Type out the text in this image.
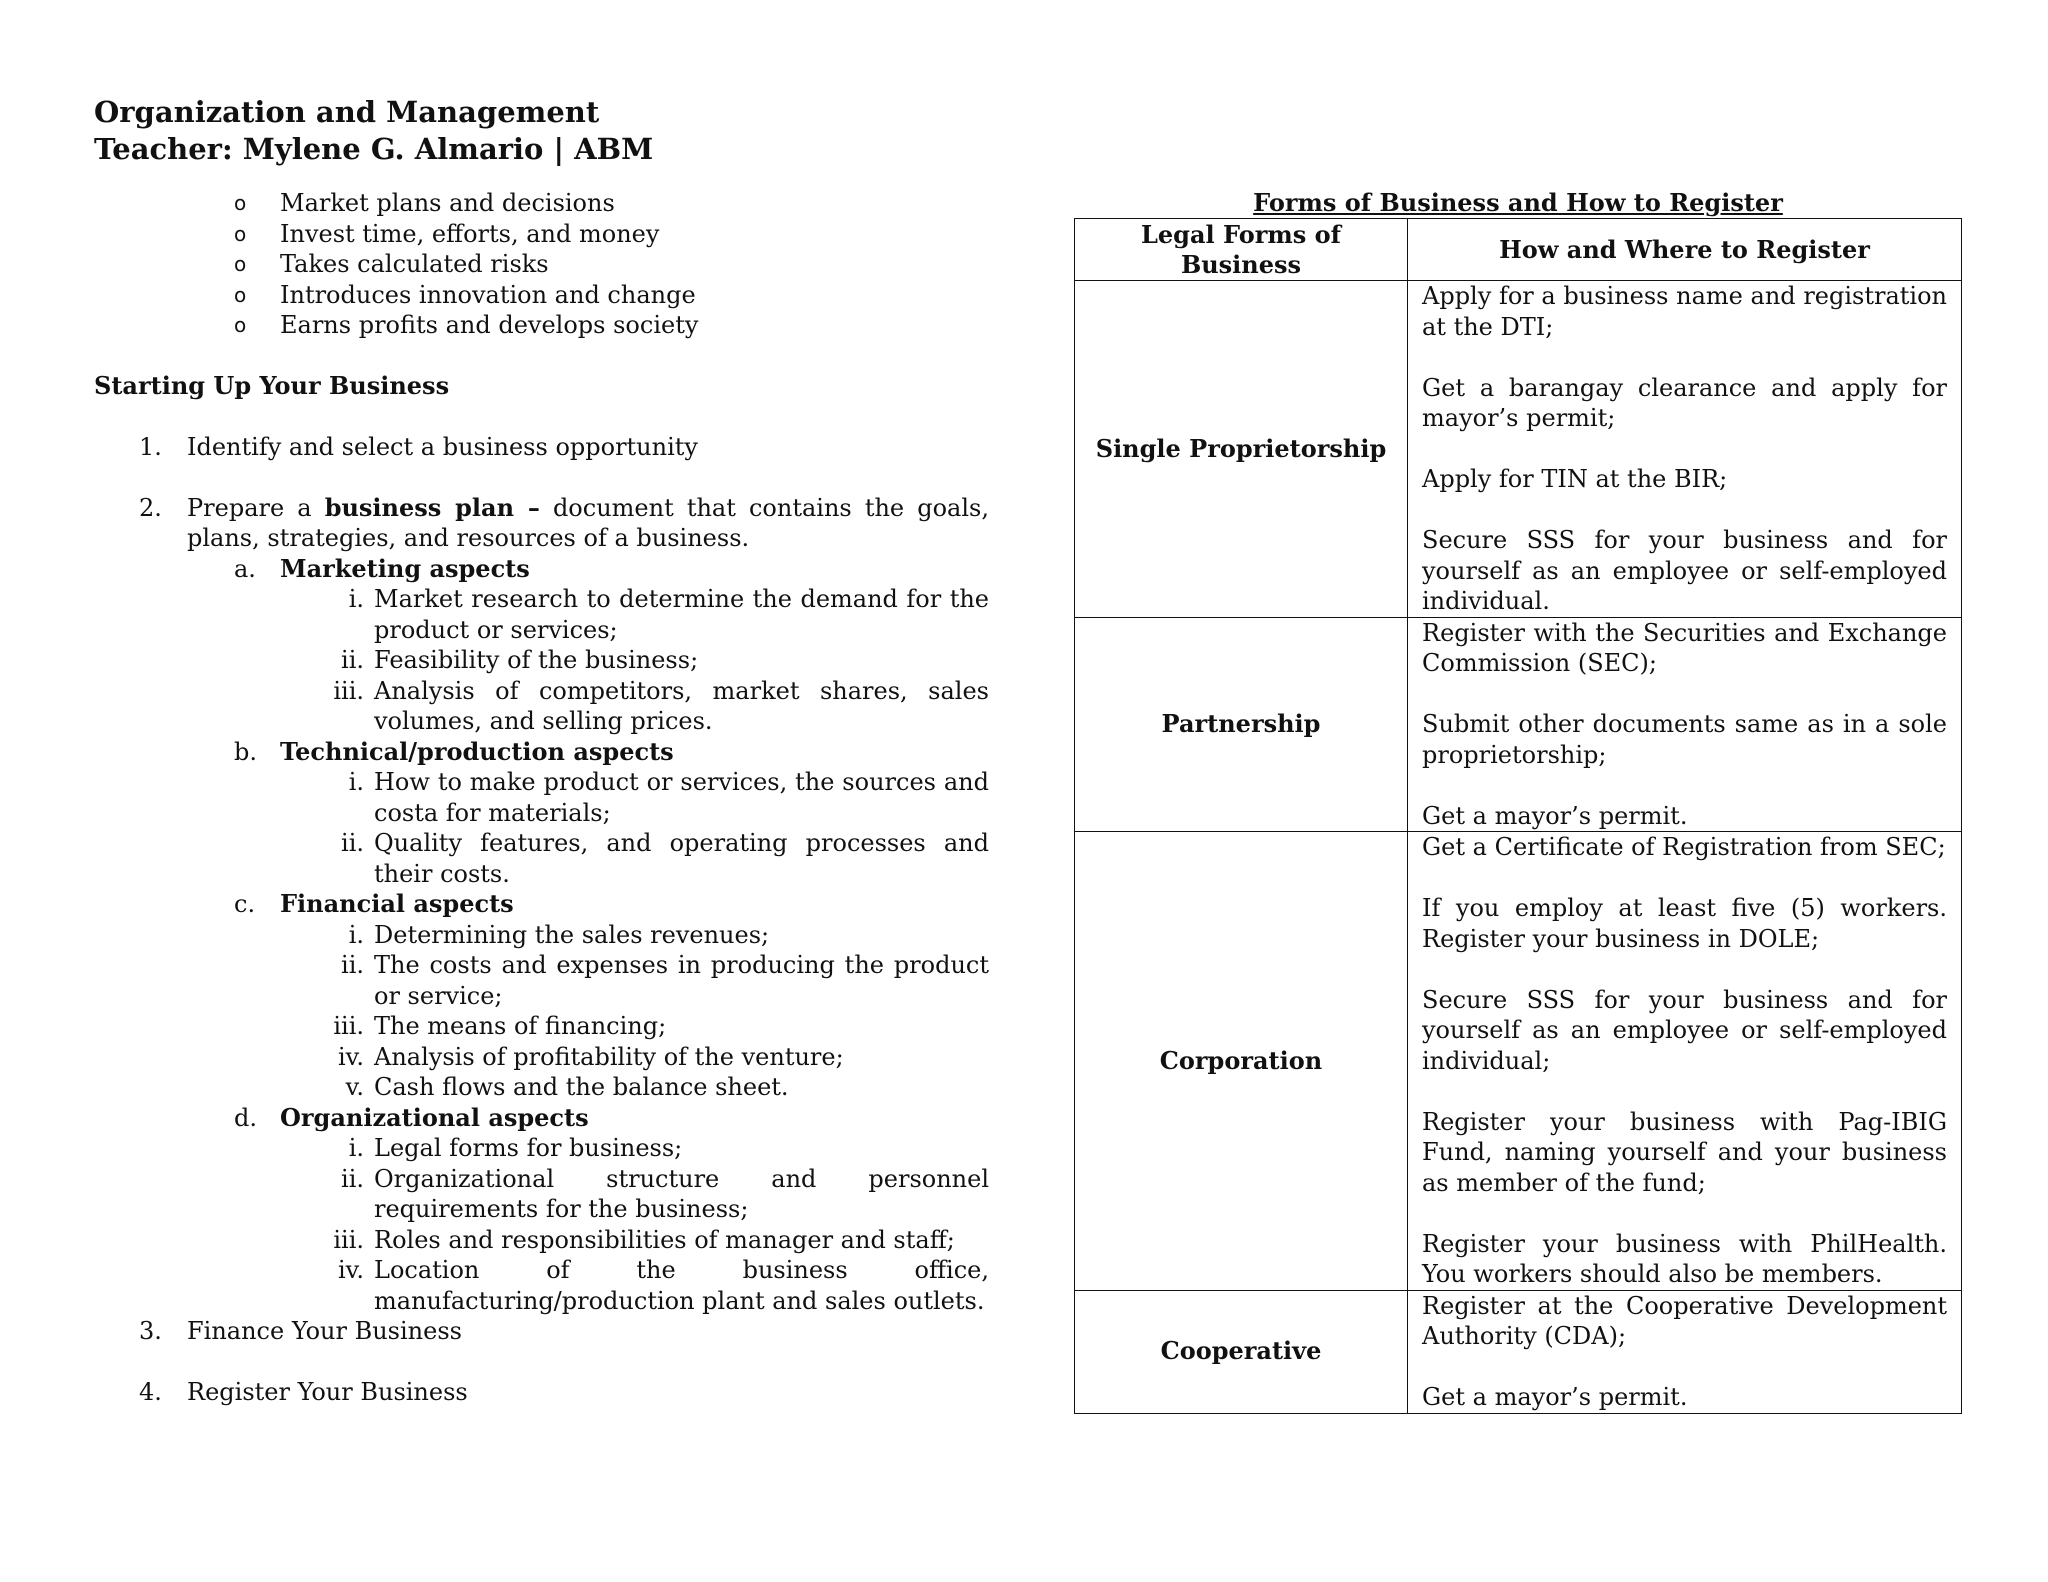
Organization and Management
Teacher: Mylene G. Almario | ABM
o Market plans and decisions
o Invest time, efforts, and money
o Takes calculated risks
o Introduces innovation and change
o Earns profits and develops society
Starting Up Your Business
1. Identify and select a business opportunity
2. Prepare a business plan – document that contains the goals, plans, strategies, and resources of a business.
a.	Marketing aspects
i. Market research to determine the demand for the product or services;
ii. Feasibility of the business;
iii. Analysis of competitors, market shares, sales volumes, and selling prices.
b. Technical/production aspects
i. How to make product or services, the sources and costa for materials;
ii. Quality features, and operating processes and their costs.
c.	Financial aspects
i. Determining the sales revenues;
ii. The costs and expenses in producing the product or service;
iii. The means of financing;
iv. Analysis of profitability of the venture;
v. Cash flows and the balance sheet.
d. Organizational aspects
i. Legal forms for business;
ii. Organizational structure and personnel requirements for the business;
iii. Roles and responsibilities of manager and staff;
iv. Location of the business office, manufacturing/production plant and sales outlets.
3. Finance Your Business
4. Register Your Business
Forms of Business and How to Register
Legal Forms of Business	How and Where to Register
Single Proprietorship	Apply for a business name and registration at the DTI;

Get a barangay clearance and apply for mayor’s permit;

Apply for TIN at the BIR;

Secure SSS for your business and for yourself as an employee or self-employed individual.

Partnership	Register with the Securities and Exchange Commission (SEC);

Submit other documents same as in a sole proprietorship;

Get a mayor’s permit.

Corporation	Get a Certificate of Registration from SEC;

If you employ at least five (5) workers. Register your business in DOLE;

Secure SSS for your business and for yourself as an employee or self-employed individual;

Register your business with Pag-IBIG Fund, naming yourself and your business as member of the fund;

Register your business with PhilHealth. You workers should also be members.

Cooperative	Register at the Cooperative Development Authority (CDA);

Get a mayor’s permit.
